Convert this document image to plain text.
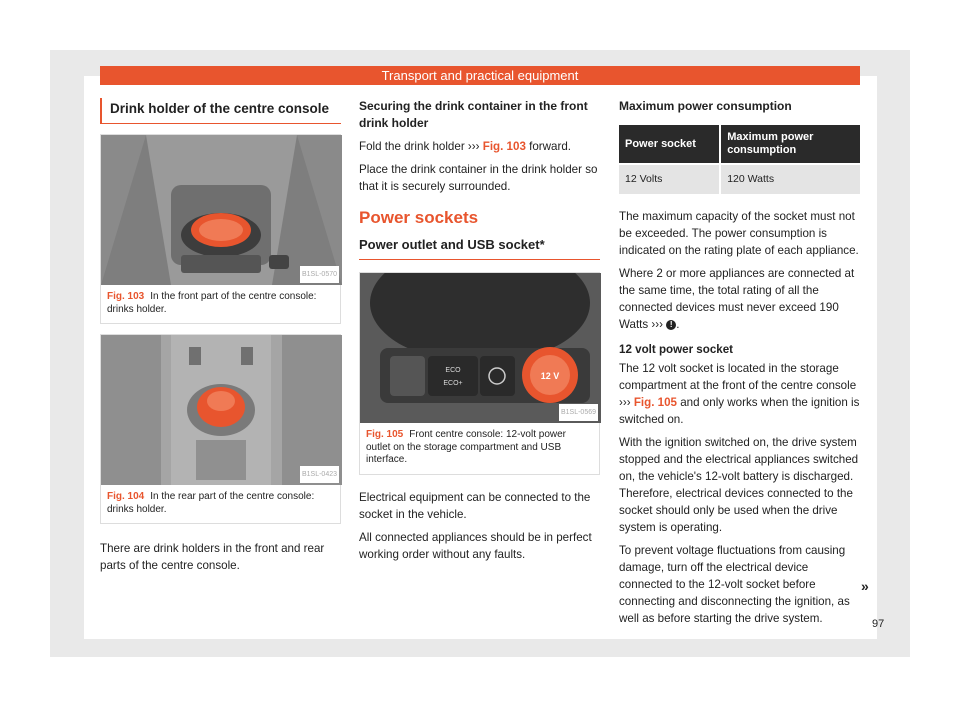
Transport and practical equipment
Drink holder of the centre console
B1SL-0570
Fig. 103 In the front part of the centre console: drinks holder.
B1SL-0423
Fig. 104 In the rear part of the centre console: drinks holder.

There are drink holders in the front and rear parts of the centre console.

Securing the drink container in the front drink holder

Fold the drink holder ››› Fig. 103 forward.

Place the drink container in the drink holder so that it is securely surrounded.

Power sockets
Power outlet and USB socket*
ECO
ECO+
12 V
B1SL-0569
Fig. 105 Front centre console: 12-volt power outlet on the storage compartment and USB interface.

Electrical equipment can be connected to the socket in the vehicle.

All connected appliances should be in perfect working order without any faults.

Maximum power consumption

Power socket	Maximum power consumption
12 Volts	120 Watts

The maximum capacity of the socket must not be exceeded. The power consumption is indicated on the rating plate of each appliance.

Where 2 or more appliances are connected at the same time, the total rating of all the connected devices must never exceed 190 Watts ››› ! .

12 volt power socket

The 12 volt socket is located in the storage compartment at the front of the centre console ››› Fig. 105 and only works when the ignition is switched on.

With the ignition switched on, the drive system stopped and the electrical appliances switched on, the vehicle's 12-volt battery is discharged. Therefore, electrical devices connected to the socket should only be used when the drive system is operating.

To prevent voltage fluctuations from causing damage, turn off the electrical device connected to the 12-volt socket before connecting and disconnecting the ignition, as well as before starting the drive system.

»
97
